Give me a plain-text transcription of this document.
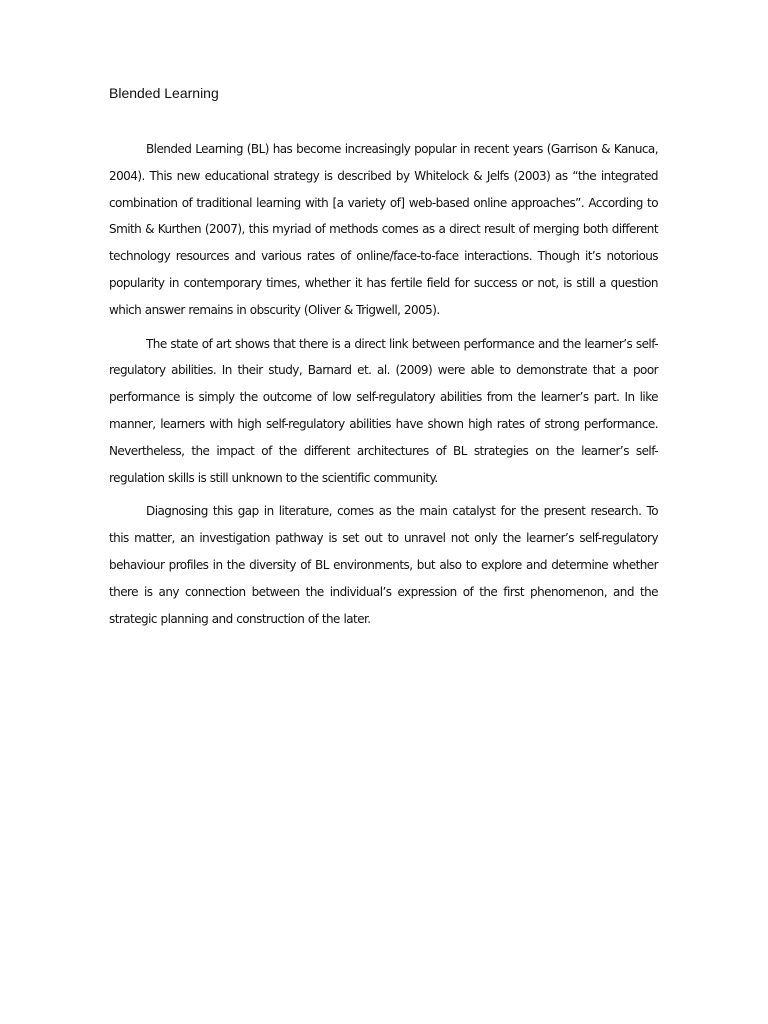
Blended Learning

Blended Learning (BL) has become increasingly popular in recent years (Garrison & Kanuca, 2004). This new educational strategy is described by Whitelock & Jelfs (2003) as “the integrated combination of traditional learning with [a variety of] web-based online approaches”. According to Smith & Kurthen (2007), this myriad of methods comes as a direct result of merging both different technology resources and various rates of online/face-to-face interactions. Though it’s notorious popularity in contemporary times, whether it has fertile field for success or not, is still a question which answer remains in obscurity (Oliver & Trigwell, 2005).

The state of art shows that there is a direct link between performance and the learner’s self-regulatory abilities. In their study, Barnard et. al. (2009) were able to demonstrate that a poor performance is simply the outcome of low self-regulatory abilities from the learner’s part. In like manner, learners with high self-regulatory abilities have shown high rates of strong performance. Nevertheless, the impact of the different architectures of BL strategies on the learner’s self-regulation skills is still unknown to the scientific community.

Diagnosing this gap in literature, comes as the main catalyst for the present research. To this matter, an investigation pathway is set out to unravel not only the learner’s self-regulatory behaviour profiles in the diversity of BL environments, but also to explore and determine whether there is any connection between the individual’s expression of the first phenomenon, and the strategic planning and construction of the later.
